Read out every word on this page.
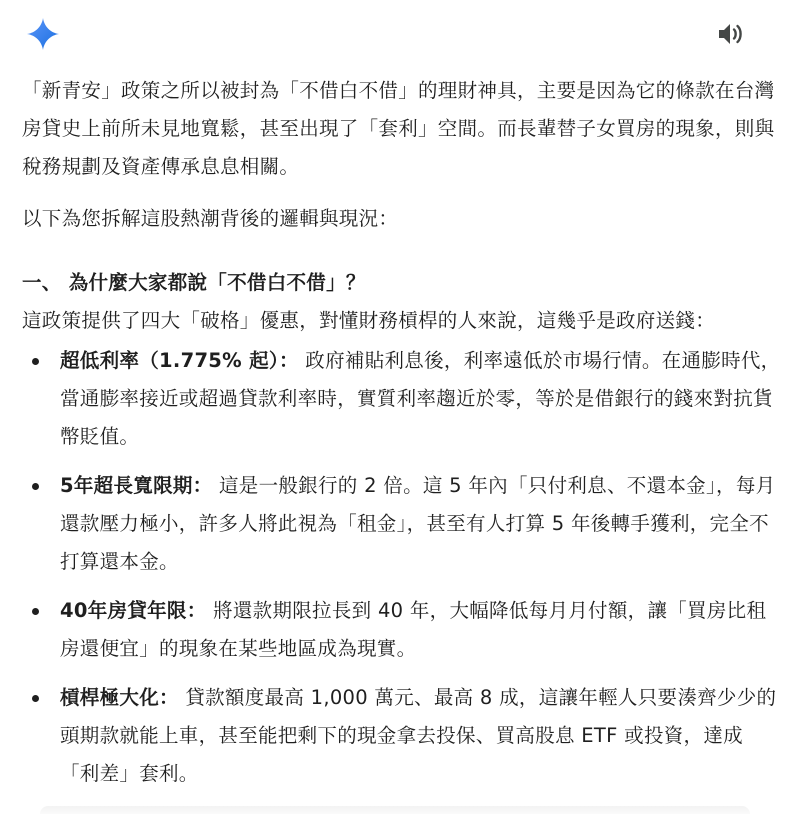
「新青安」政策之所以被封為「不借白不借」的理財神具，主要是因為它的條款在台灣房貸史上前所未見地寬鬆，甚至出現了「套利」空間。而長輩替子女買房的現象，則與稅務規劃及資產傳承息息相關。

以下為您拆解這股熱潮背後的邏輯與現況：

一、 為什麼大家都說「不借白不借」？

這政策提供了四大「破格」優惠，對懂財務槓桿的人來說，這幾乎是政府送錢：

超低利率（1.775% 起）： 政府補貼利息後，利率遠低於市場行情。在通膨時代，當通膨率接近或超過貸款利率時，實質利率趨近於零，等於是借銀行的錢來對抗貨幣貶值。
5年超長寬限期： 這是一般銀行的 2 倍。這 5 年內「只付利息、不還本金」，每月還款壓力極小，許多人將此視為「租金」，甚至有人打算 5 年後轉手獲利，完全不打算還本金。
40年房貸年限： 將還款期限拉長到 40 年，大幅降低每月月付額，讓「買房比租房還便宜」的現象在某些地區成為現實。
槓桿極大化： 貸款額度最高 1,000 萬元、最高 8 成，這讓年輕人只要湊齊少少的頭期款就能上車，甚至能把剩下的現金拿去投保、買高股息 ETF 或投資，達成「利差」套利。
